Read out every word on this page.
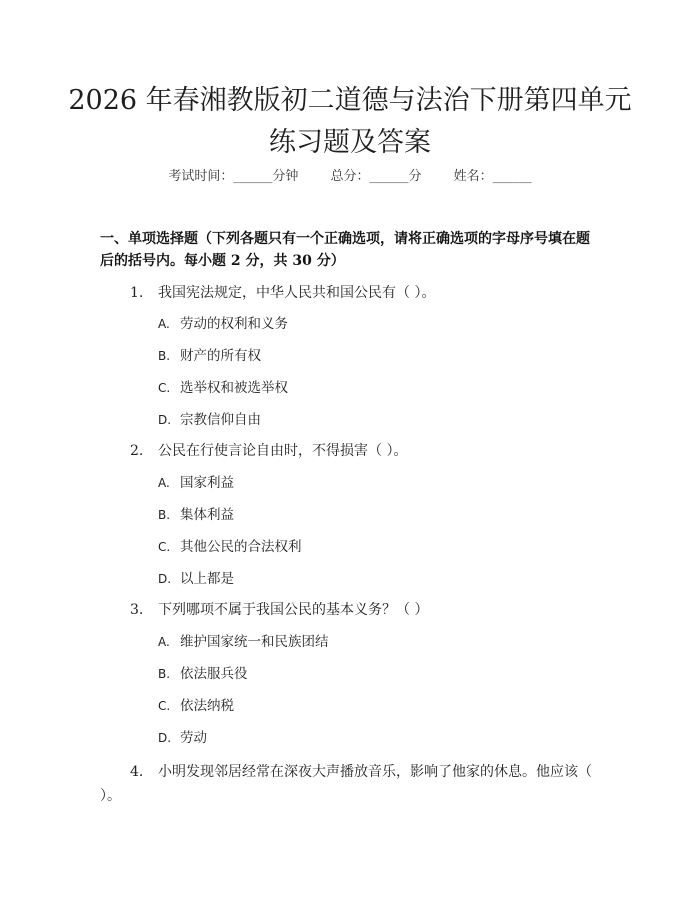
2026 年春湘教版初二道德与法治下册第四单元练习题及答案
考试时间：______分钟 总分：______分 姓名：______
一、单项选择题（下列各题只有一个正确选项，请将正确选项的字母序号填在题后的括号内。每小题 2 分，共 30 分）
1. 我国宪法规定，中华人民共和国公民有（ ）。
A. 劳动的权利和义务
B. 财产的所有权
C. 选举权和被选举权
D. 宗教信仰自由
2. 公民在行使言论自由时，不得损害（ ）。
A. 国家利益
B. 集体利益
C. 其他公民的合法权利
D. 以上都是
3. 下列哪项不属于我国公民的基本义务？（ ）
A. 维护国家统一和民族团结
B. 依法服兵役
C. 依法纳税
D. 劳动
4. 小明发现邻居经常在深夜大声播放音乐，影响了他家的休息。他应该（ ）。
